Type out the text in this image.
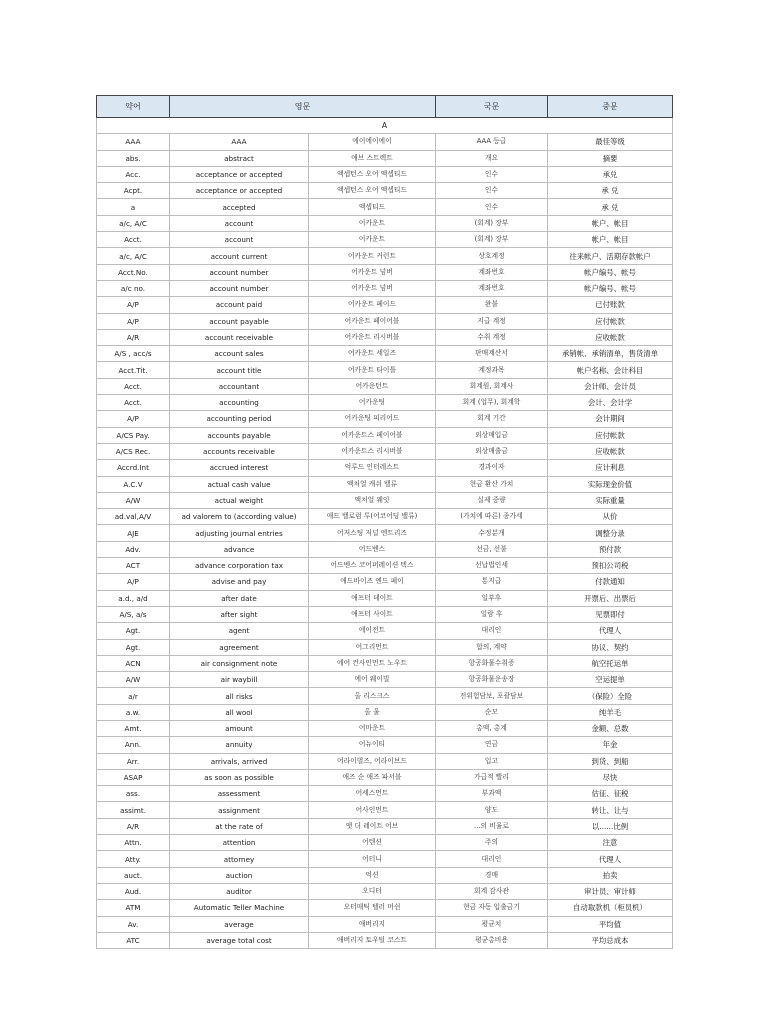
약어	영문		국문	중문
A				
AAA	AAA	에이에이에이	AAA 등급	最佳等级
abs.	abstract	애브 스트렉트	개요	摘要
Acc.	acceptance or accepted	액셉턴스 오어 액셉티드	인수	承兑
Acpt.	acceptance or accepted	액셉턴스 오어 액셉티드	인수	承 兑
a	accepted	액셉티드	인수	承 兑
a/c, A/C	account	어카운트	(회계) 장부	帐户、帐目
Acct.	account	어카운트	(회계) 장부	帐户、帐目
a/c, A/C	account current	어카운트 커런트	상호계정	往来帐户、活期存款帐户
Acct.No.	account number	어카운트 넘버	계좌번호	帐户编号、帐号
a/c no.	account number	어카운트 넘버	계좌번호	帐户编号、帐号
A/P	account paid	어카운트 페이드	완불	已付账款
A/P	account payable	어카운트 페이어블	지급 계정	应付帐款
A/R	account receivable	어카운트 리시버블	수취 계정	应收帐款
A/S , acc/s	account sales	어카운트 세일즈	판매계산서	承销帐、承销清单，售货清单
Acct.Tit.	account title	어카운트 타이틀	계정과목	帐户名称、会计科目
Acct.	accountant	어카운턴트	회계원, 회계사	会计师、会计员
Acct.	accounting	어카운팅	회계 (업무), 회계학	会计、会计学
A/P	accounting period	어카운팅 피리어드	회계 기간	会计期间
A/CS Pay.	accounts payable	어카운트스 페이어블	외상매입금	应付帐款
A/CS Rec.	accounts receivable	어카운트스 리시버블	외상매출금	应收帐款
Accrd.Int	accrued interest	억루드 인터레스트	경과이자	应计利息
A.C.V	actual cash value	액처얼 캐쉬 밸류	현금 환산 가치	实际现金价值
A/W	actual weight	액처얼 웨잇	실제 중량	实际重量
ad.val,A/V	ad valorem to (according value)	애드 밸로럼 투(어코어딩 밸류)	(가치에 따른) 종가세	从价
AJE	adjusting journal entries	어저스팅 저널 엔트리즈	수정분개	调整分录
Adv.	advance	어드벤스	선금, 선불	预付款
ACT	advance corporation tax	어드벤스 코어퍼레이션 텍스	선납법인세	预扣公司税
A/P	advise and pay	애드바이즈 엔드 페이	통지급	付款通知
a.d., a/d	after date	애프터 데이트	일부후	开票后、出票后
A/S, a/s	after sight	애프터 사이트	일람 후	见票即付
Agt.	agent	에이전트	대리인	代理人
Agt.	agreement	어그리먼트	합의, 계약	协议、契约
ACN	air consignment note	에어 컨사인먼트 노우트	항공화물수취증	航空托运单
A/W	air waybill	에어 웨이빌	항공화물운송장	空运提单
a/r	all risks	올 리스크스	전위험담보, 포괄담보	（保险）全险
a.w.	all wool	올 울	순모	纯羊毛
Amt.	amount	어마운트	총액, 총계	金额、总数
Ann.	annuity	어뉴이티	연금	年金
Arr.	arrivals, arrived	어라이벌즈, 어라이브드	입고	到货、到船
ASAP	as soon as possible	애즈 순 애즈 파서블	가급적 빨리	尽快
ass.	assessment	어세스먼트	부과액	估征、征税
assimt.	assignment	어사인먼트	양도	转让、让与
A/R	at the rate of	앳 더 레이트 어브	...의 비율로	以......比例
Attn.	attention	어텐션	주의	注意
Atty.	attorney	어터니	대리인	代理人
auct.	auction	억션	경매	拍卖
Aud.	auditor	오디터	회계 감사관	审计员、审计师
ATM	Automatic Teller Machine	오터매틱 텔러 머쉰	현금 자동 입출금기	自动取款机（柜员机）
Av.	average	애버리지	평균치	平均值
ATC	average total cost	애버리지 토우털 코스트	평균총비용	平均总成本
